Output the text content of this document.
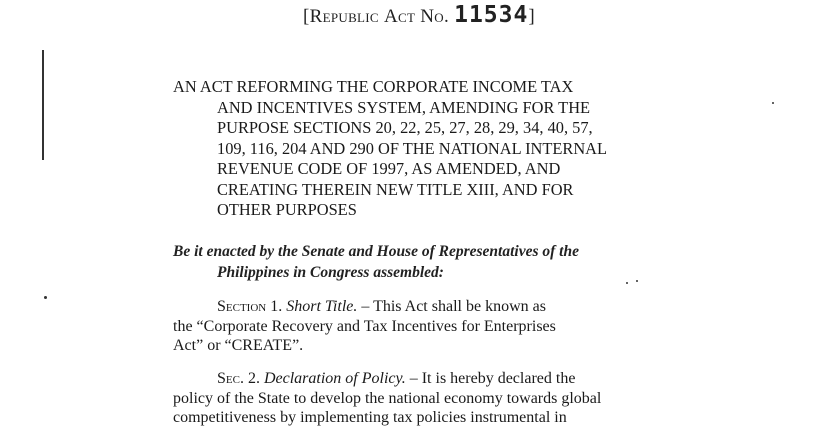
[Republic Act No. 11534]
AN ACT REFORMING THE CORPORATE INCOME TAX
AND INCENTIVES SYSTEM, AMENDING FOR THE
PURPOSE SECTIONS 20, 22, 25, 27, 28, 29, 34, 40, 57,
109, 116, 204 AND 290 OF THE NATIONAL INTERNAL
REVENUE CODE OF 1997, AS AMENDED, AND
CREATING THEREIN NEW TITLE XIII, AND FOR
OTHER PURPOSES
Be it enacted by the Senate and House of Representatives of the
Philippines in Congress assembled:
Section 1. Short Title. – This Act shall be known as
the “Corporate Recovery and Tax Incentives for Enterprises
Act” or “CREATE”.
Sec. 2. Declaration of Policy. – It is hereby declared the
policy of the State to develop the national economy towards global
competitiveness by implementing tax policies instrumental in
